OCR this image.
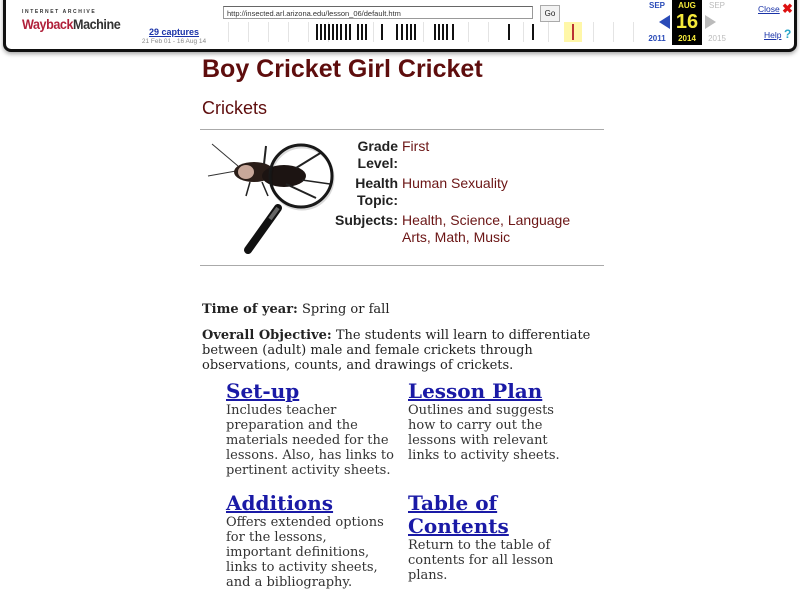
INTERNET ARCHIVE
WaybackMachine	29 captures
21 Feb 01 - 16 Aug 14
http://insected.arl.arizona.edu/lesson_06/default.htm	Go
SEP
2011
AUG
16
2014
SEP
2015
Close ✖
Help ?
Boy Cricket Girl Cricket
Crickets
Grade Level:
First
Health Topic:
Human Sexuality
Subjects: Health, Science, Language Arts, Math, Music

Time of year: Spring or fall

Overall Objective: The students will learn to differentiate between (adult) male and female crickets through observations, counts, and drawings of crickets.

Set-up
Includes teacher preparation and the materials needed for the lessons. Also, has links to pertinent activity sheets.
Lesson Plan
Outlines and suggests how to carry out the lessons with relevant links to activity sheets.
Additions
Offers extended options for the lessons, important definitions, links to activity sheets, and a bibliography.
Table of Contents
Return to the table of contents for all lesson plans.
